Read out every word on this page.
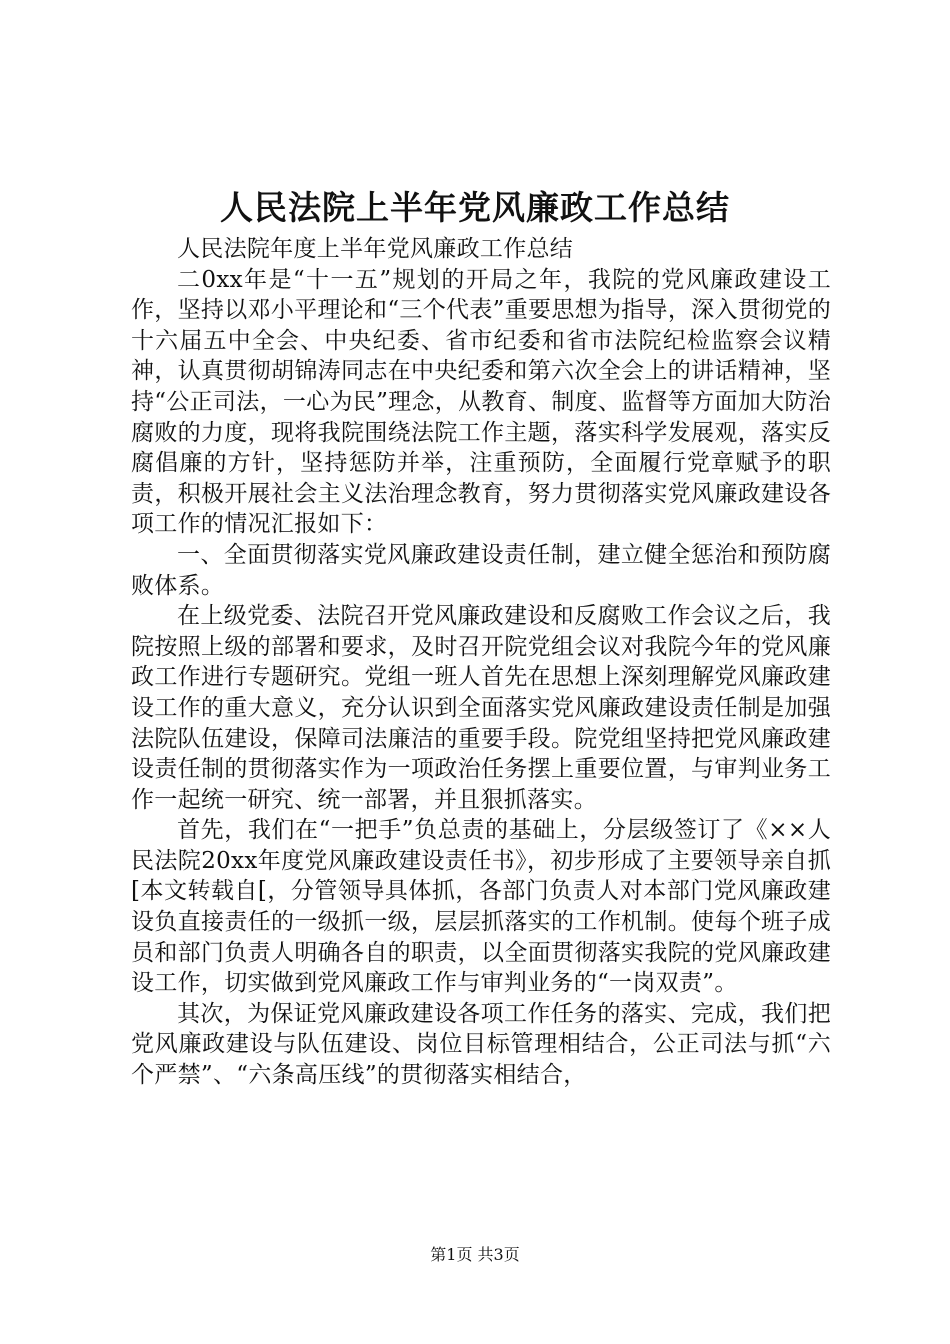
人民法院上半年党风廉政工作总结

人民法院年度上半年党风廉政工作总结

二0xx年是“十一五”规划的开局之年，我院的党风廉政建设工作，坚持以邓小平理论和“三个代表”重要思想为指导，深入贯彻党的十六届五中全会、中央纪委、省市纪委和省市法院纪检监察会议精神，认真贯彻胡锦涛同志在中央纪委和第六次全会上的讲话精神，坚持“公正司法，一心为民”理念，从教育、制度、监督等方面加大防治腐败的力度，现将我院围绕法院工作主题，落实科学发展观，落实反腐倡廉的方针，坚持惩防并举，注重预防，全面履行党章赋予的职责，积极开展社会主义法治理念教育，努力贯彻落实党风廉政建设各项工作的情况汇报如下：

一、全面贯彻落实党风廉政建设责任制，建立健全惩治和预防腐败体系。

在上级党委、法院召开党风廉政建设和反腐败工作会议之后，我院按照上级的部署和要求，及时召开院党组会议对我院今年的党风廉政工作进行专题研究。党组一班人首先在思想上深刻理解党风廉政建设工作的重大意义，充分认识到全面落实党风廉政建设责任制是加强法院队伍建设，保障司法廉洁的重要手段。院党组坚持把党风廉政建设责任制的贯彻落实作为一项政治任务摆上重要位置，与审判业务工作一起统一研究、统一部署，并且狠抓落实。

首先，我们在“一把手”负总责的基础上，分层级签订了《××人民法院20xx年度党风廉政建设责任书》，初步形成了主要领导亲自抓[本文转载自[，分管领导具体抓，各部门负责人对本部门党风廉政建设负直接责任的一级抓一级，层层抓落实的工作机制。使每个班子成员和部门负责人明确各自的职责，以全面贯彻落实我院的党风廉政建设工作，切实做到党风廉政工作与审判业务的“一岗双责”。

其次，为保证党风廉政建设各项工作任务的落实、完成，我们把党风廉政建设与队伍建设、岗位目标管理相结合，公正司法与抓“六个严禁”、“六条高压线”的贯彻落实相结合，

第1页 共3页
